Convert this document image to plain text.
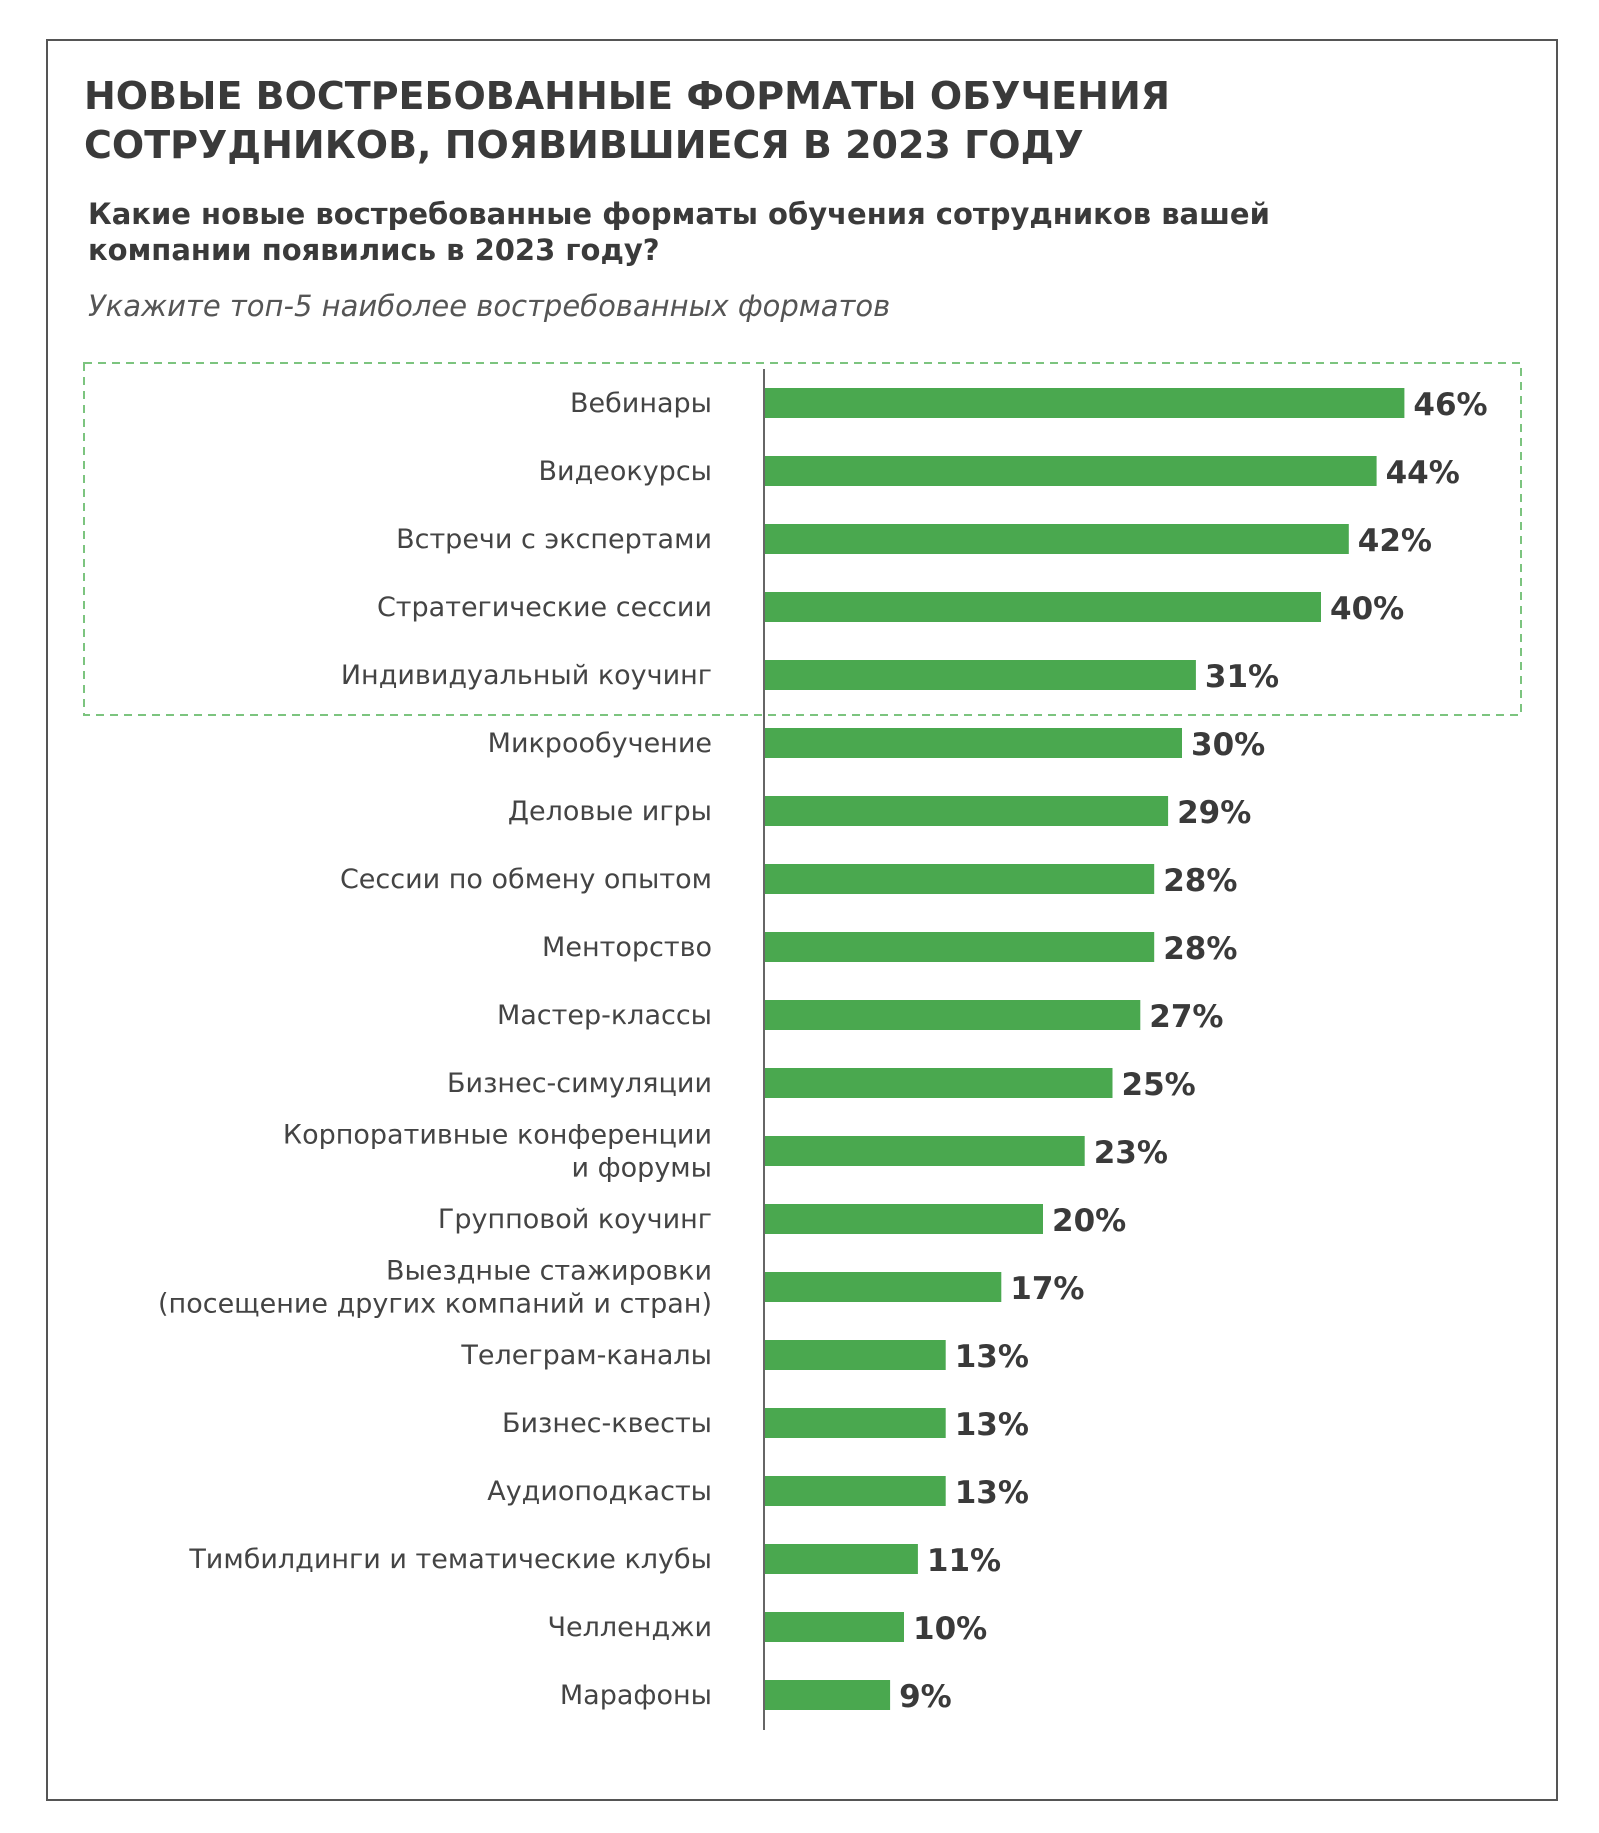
НОВЫЕ ВОСТРЕБОВАННЫЕ ФОРМАТЫ ОБУЧЕНИЯ
СОТРУДНИКОВ, ПОЯВИВШИЕСЯ В 2023 ГОДУ

Какие новые востребованные форматы обучения сотрудников вашей
компании появились в 2023 году?

Укажите топ-5 наиболее востребованных форматов

46%
Вебинары
44%
Видеокурсы
42%
Встречи с экспертами
40%
Стратегические сессии
31%
Индивидуальный коучинг
30%
Микрообучение
29%
Деловые игры
28%
Сессии по обмену опытом
28%
Менторство
27%
Мастер-классы
25%
Бизнес-симуляции
23%
Корпоративные конференции
и форумы
20%
Групповой коучинг
17%
Выездные стажировки
(посещение других компаний и стран)
13%
Телеграм-каналы
13%
Бизнес-квесты
13%
Аудиоподкасты
11%
Тимбилдинги и тематические клубы
10%
Челленджи
9%
Марафоны
